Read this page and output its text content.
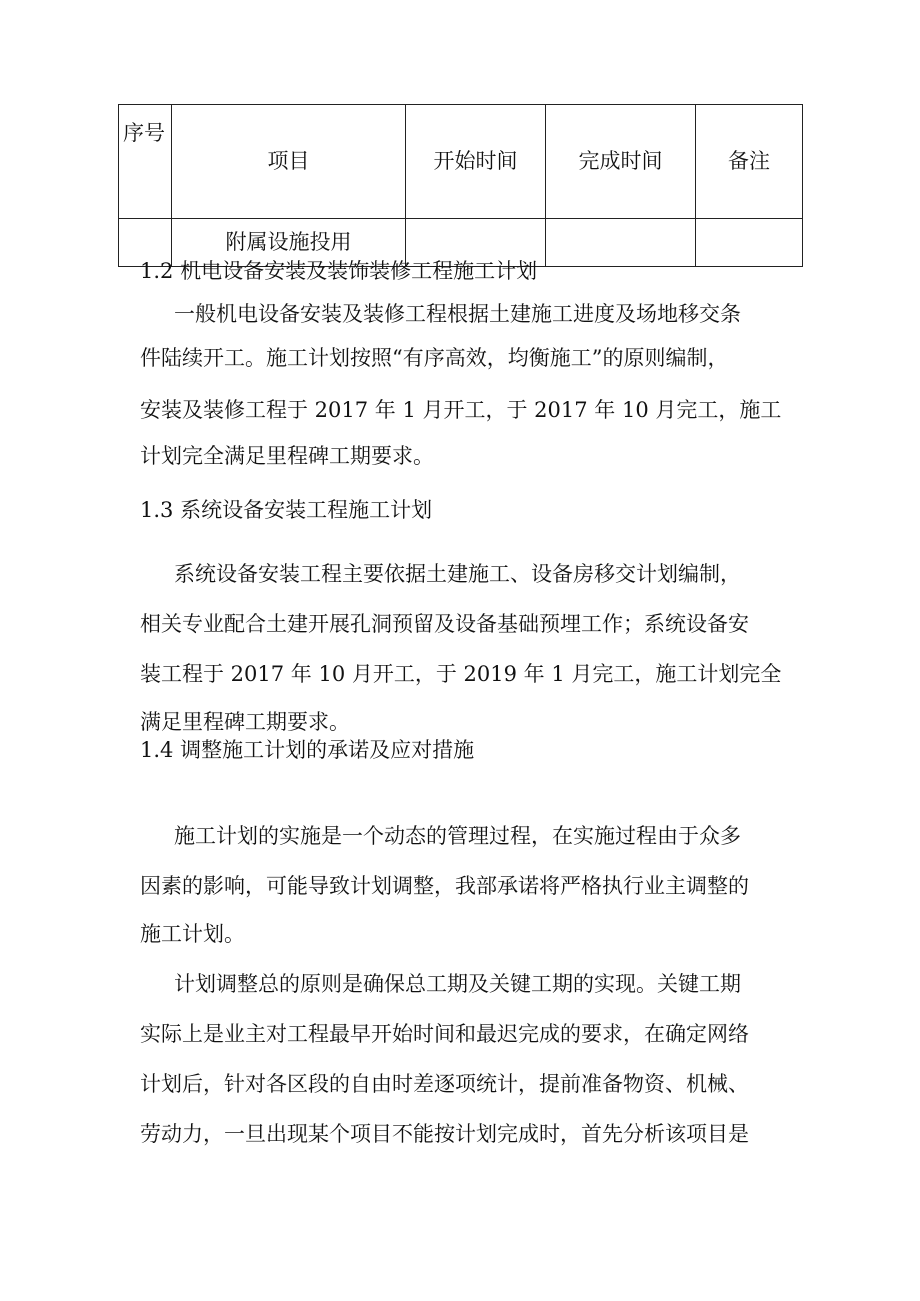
序号	项目	开始时间	完成时间	备注
	附属设施投用			
1.2 机电设备安装及装饰装修工程施工计划
一般机电设备安装及装修工程根据土建施工进度及场地移交条
件陆续开工。施工计划按照“有序高效，均衡施工”的原则编制，
安装及装修工程于 2017 年 1 月开工，于 2017 年 10 月完工，施工
计划完全满足里程碑工期要求。
1.3 系统设备安装工程施工计划
系统设备安装工程主要依据土建施工、设备房移交计划编制，
相关专业配合土建开展孔洞预留及设备基础预埋工作；系统设备安
装工程于 2017 年 10 月开工，于 2019 年 1 月完工，施工计划完全
满足里程碑工期要求。
1.4 调整施工计划的承诺及应对措施
施工计划的实施是一个动态的管理过程，在实施过程由于众多
因素的影响，可能导致计划调整，我部承诺将严格执行业主调整的
施工计划。
计划调整总的原则是确保总工期及关键工期的实现。关键工期
实际上是业主对工程最早开始时间和最迟完成的要求，在确定网络
计划后，针对各区段的自由时差逐项统计，提前准备物资、机械、
劳动力，一旦出现某个项目不能按计划完成时，首先分析该项目是
